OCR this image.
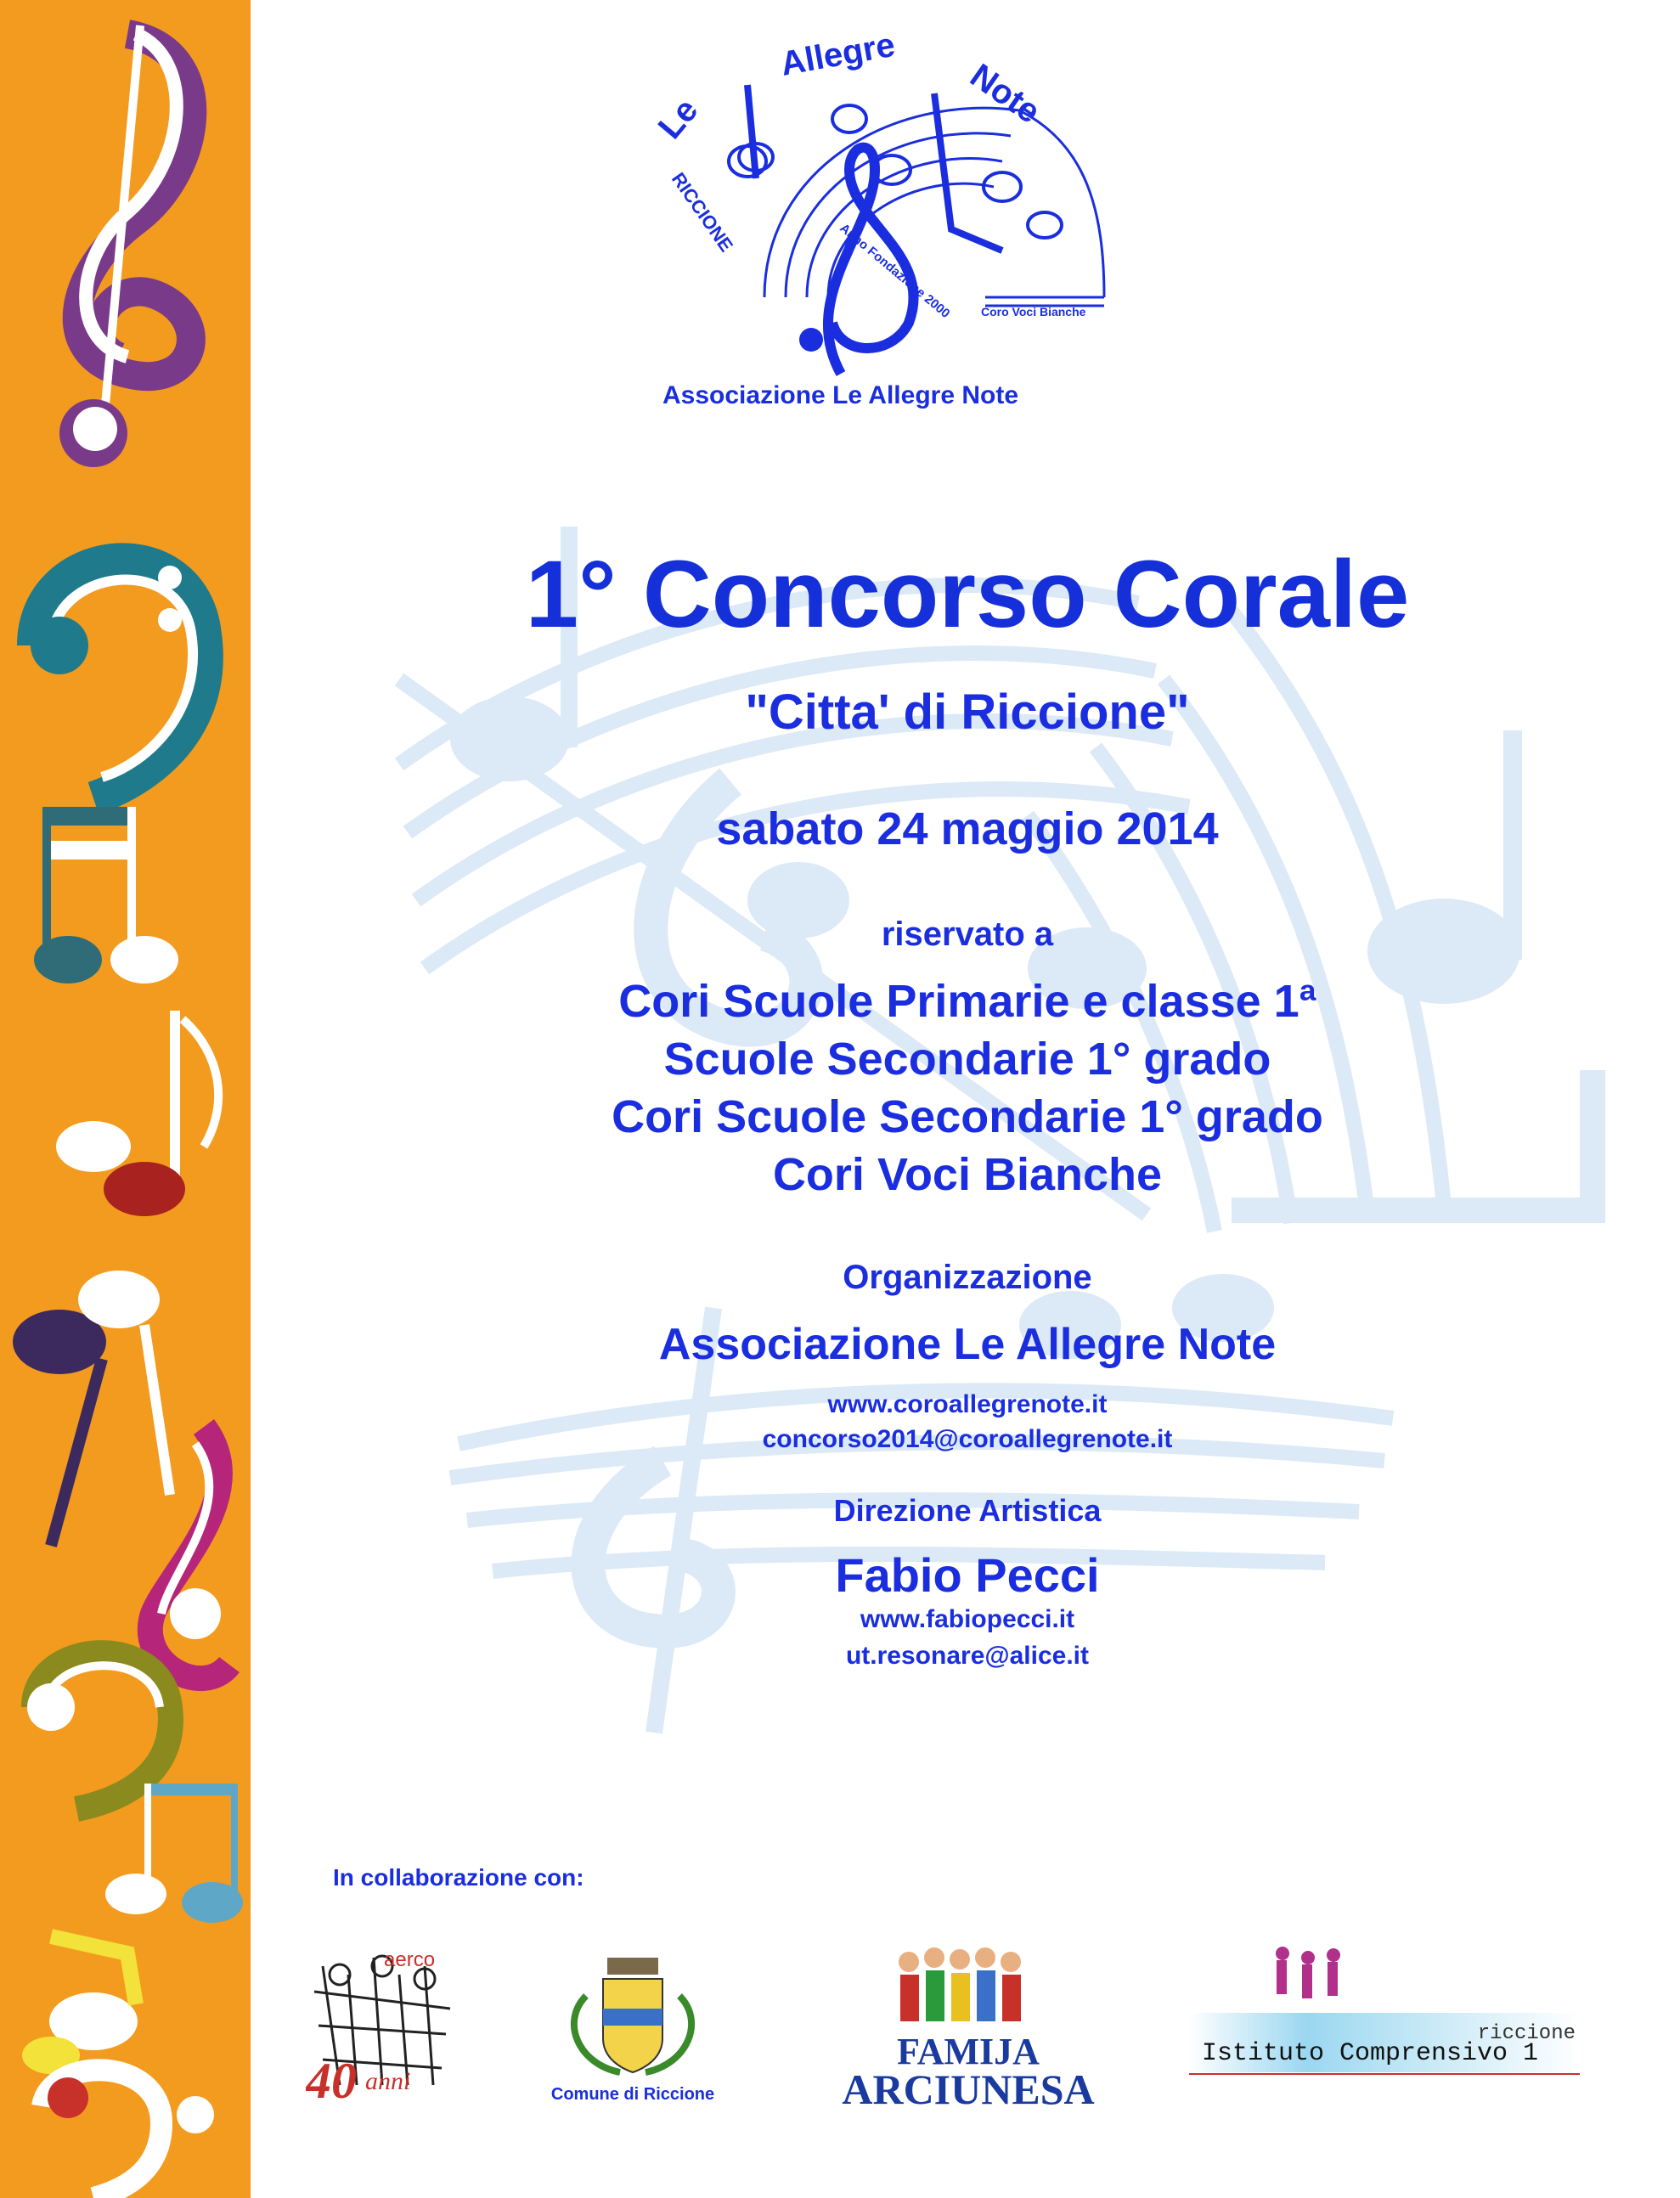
Le
Allegre
Note
RICCIONE
Anno Fondazione 2000 Coro Voci Bianche
Associazione Le Allegre Note
1° Concorso Corale
"Citta' di Riccione"
sabato 24 maggio 2014
riservato a
Cori Scuole Primarie e classe 1ª
Scuole Secondarie 1° grado
Cori Scuole Secondarie 1° grado
Cori Voci Bianche
Organizzazione
Associazione Le Allegre Note
www.coroallegrenote.it
concorso2014@coroallegrenote.it
Direzione Artistica
Fabio Pecci
www.fabiopecci.it
ut.resonare@alice.it
In collaborazione con:
aerco
40 anni	Comune di Riccione
FAMIJA
ARCIUNESA
riccione
Istituto Comprensivo 1
